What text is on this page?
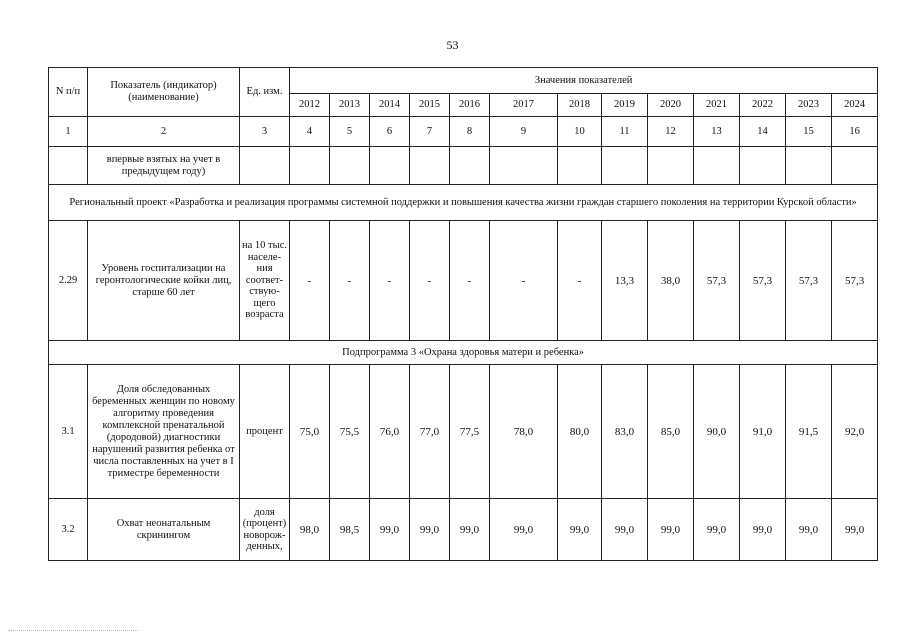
53
N п/п	Показатель (индикатор) (наименование)	Ед. изм.	Значения показателей												
			2012	2013	2014	2015	2016	2017	2018	2019	2020	2021	2022	2023	2024
1	2	3	4	5	6	7	8	9	10	11	12	13	14	15	16
	впервые взятых на учет в предыдущем году)														
Региональный проект «Разработка и реализация программы системной поддержки и повышения качества жизни граждан старшего поколения на территории Курской области»															
2.29	Уровень госпитализации на геронтологические койки лиц, старше 60 лет	на 10 тыс. населе-ния соответ-ствую-щего возраста	-	-	-	-	-	-	-	13,3	38,0	57,3	57,3	57,3	57,3
Подпрограмма 3 «Охрана здоровья матери и ребенка»															
3.1	Доля обследованных беременных женщин по новому алгоритму проведения комплексной пренатальной (дородовой) диагностики нарушений развития ребенка от числа поставленных на учет в I триместре беременности	процент	75,0	75,5	76,0	77,0	77,5	78,0	80,0	83,0	85,0	90,0	91,0	91,5	92,0
3.2	Охват неонатальным скринингом	доля (процент) новорож-денных,	98,0	98,5	99,0	99,0	99,0	99,0	99,0	99,0	99,0	99,0	99,0	99,0	99,0
